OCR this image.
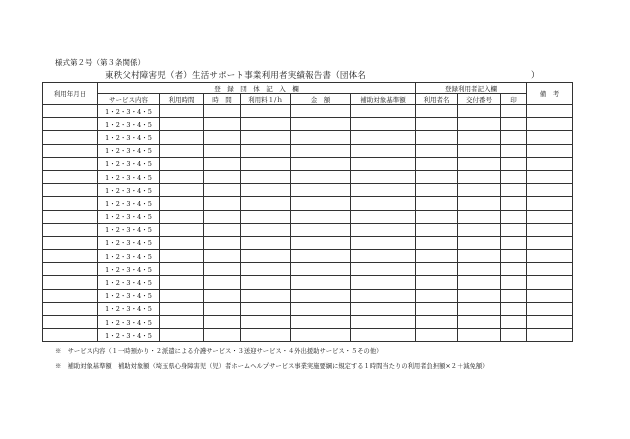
様式第２号（第３条関係）
東秩父村障害児（者）生活サポート事業利用者実績報告書（団体名	）
利用年月日	登　録　団　体　記　入　欄						登録利用者記入欄			備　考
	サービス内容	利用時間	時　間	利用料１/ｈ	金　額	補助対象基準額	利用者名	交付番号	印	
	1・2・3・4・5									
	1・2・3・4・5									
	1・2・3・4・5									
	1・2・3・4・5									
	1・2・3・4・5									
	1・2・3・4・5									
	1・2・3・4・5									
	1・2・3・4・5									
	1・2・3・4・5									
	1・2・3・4・5									
	1・2・3・4・5									
	1・2・3・4・5									
	1・2・3・4・5									
	1・2・3・4・5									
	1・2・3・4・5									
	1・2・3・4・5									
	1・2・3・4・5									
	1・2・3・4・5									
※　サービス内容（１一時預かり・２派遣による介護サービス・３送迎サービス・４外出援助サービス・５その他）
※　補助対象基準額　補助対象額（埼玉県心身障害児（児）者ホームヘルプサービス事業実施要綱に規定する１時間当たりの利用者負担額×２＋減免額）
